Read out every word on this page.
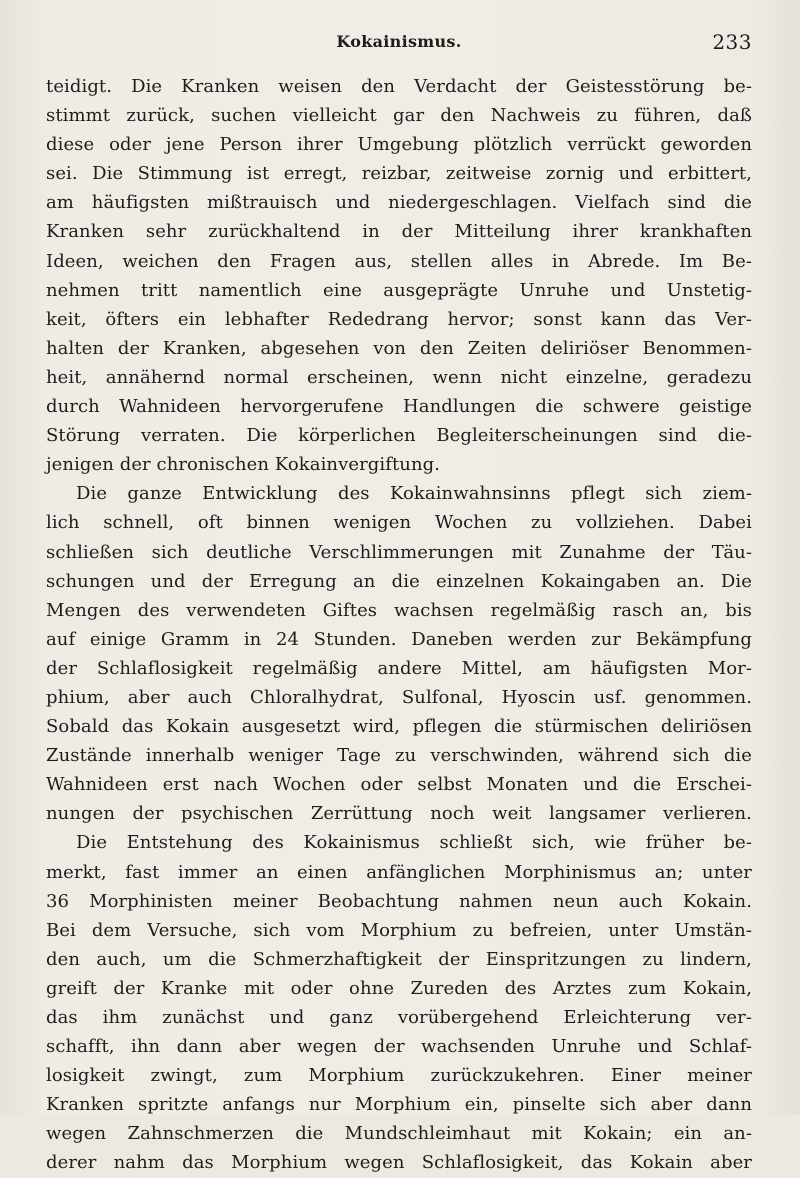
Kokainismus.	233
teidigt. Die Kranken weisen den Verdacht der Geistesstörung be-
stimmt zurück, suchen vielleicht gar den Nachweis zu führen, daß
diese oder jene Person ihrer Umgebung plötzlich verrückt geworden
sei. Die Stimmung ist erregt, reizbar, zeitweise zornig und erbittert,
am häufigsten mißtrauisch und niedergeschlagen. Vielfach sind die
Kranken sehr zurückhaltend in der Mitteilung ihrer krankhaften
Ideen, weichen den Fragen aus, stellen alles in Abrede. Im Be-
nehmen tritt namentlich eine ausgeprägte Unruhe und Unstetig-
keit, öfters ein lebhafter Rededrang hervor; sonst kann das Ver-
halten der Kranken, abgesehen von den Zeiten deliriöser Benommen-
heit, annähernd normal erscheinen, wenn nicht einzelne, geradezu
durch Wahnideen hervorgerufene Handlungen die schwere geistige
Störung verraten. Die körperlichen Begleiterscheinungen sind die-
jenigen der chronischen Kokainvergiftung.
Die ganze Entwicklung des Kokainwahnsinns pflegt sich ziem-
lich schnell, oft binnen wenigen Wochen zu vollziehen. Dabei
schließen sich deutliche Verschlimmerungen mit Zunahme der Täu-
schungen und der Erregung an die einzelnen Kokaingaben an. Die
Mengen des verwendeten Giftes wachsen regelmäßig rasch an, bis
auf einige Gramm in 24 Stunden. Daneben werden zur Bekämpfung
der Schlaflosigkeit regelmäßig andere Mittel, am häufigsten Mor-
phium, aber auch Chloralhydrat, Sulfonal, Hyoscin usf. genommen.
Sobald das Kokain ausgesetzt wird, pflegen die stürmischen deliriösen
Zustände innerhalb weniger Tage zu verschwinden, während sich die
Wahnideen erst nach Wochen oder selbst Monaten und die Erschei-
nungen der psychischen Zerrüttung noch weit langsamer verlieren.
Die Entstehung des Kokainismus schließt sich, wie früher be-
merkt, fast immer an einen anfänglichen Morphinismus an; unter
36 Morphinisten meiner Beobachtung nahmen neun auch Kokain.
Bei dem Versuche, sich vom Morphium zu befreien, unter Umstän-
den auch, um die Schmerzhaftigkeit der Einspritzungen zu lindern,
greift der Kranke mit oder ohne Zureden des Arztes zum Kokain,
das ihm zunächst und ganz vorübergehend Erleichterung ver-
schafft, ihn dann aber wegen der wachsenden Unruhe und Schlaf-
losigkeit zwingt, zum Morphium zurückzukehren. Einer meiner
Kranken spritzte anfangs nur Morphium ein, pinselte sich aber dann
wegen Zahnschmerzen die Mundschleimhaut mit Kokain; ein an-
derer nahm das Morphium wegen Schlaflosigkeit, das Kokain aber
